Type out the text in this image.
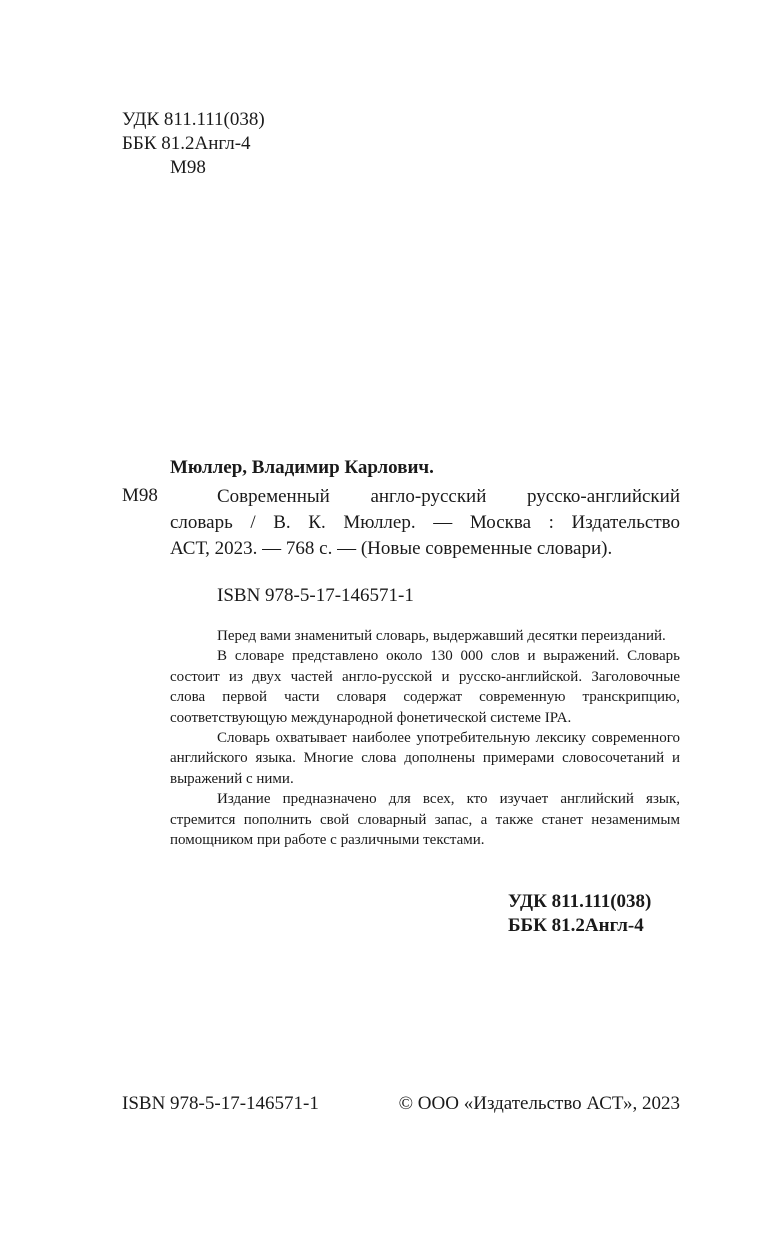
УДК 811.111(038)
ББК 81.2Англ-4
М98
Мюллер, Владимир Карлович.
М98	Современный англо-русский русско-английский
словарь / В. К. Мюллер. — Москва : Издательство
АСТ, 2023. — 768 с. — (Новые современные словари).
ISBN 978-5-17-146571-1

Перед вами знаменитый словарь, выдержавший десятки переизданий.

В словаре представлено около 130 000 слов и выражений. Словарь состоит из двух частей англо-русской и русско-английской. Заголовочные слова первой части словаря содержат современную транскрипцию, соответствующую международной фонетической системе IPA.

Словарь охватывает наиболее употребительную лексику современного английского языка. Многие слова дополнены примерами словосочетаний и выражений с ними.

Издание предназначено для всех, кто изучает английский язык, стремится пополнить свой словарный запас, а также станет незаменимым помощником при работе с различными текстами.

УДК 811.111(038)
ББК 81.2Англ-4
ISBN 978-5-17-146571-1	© ООО «Издательство АСТ», 2023
